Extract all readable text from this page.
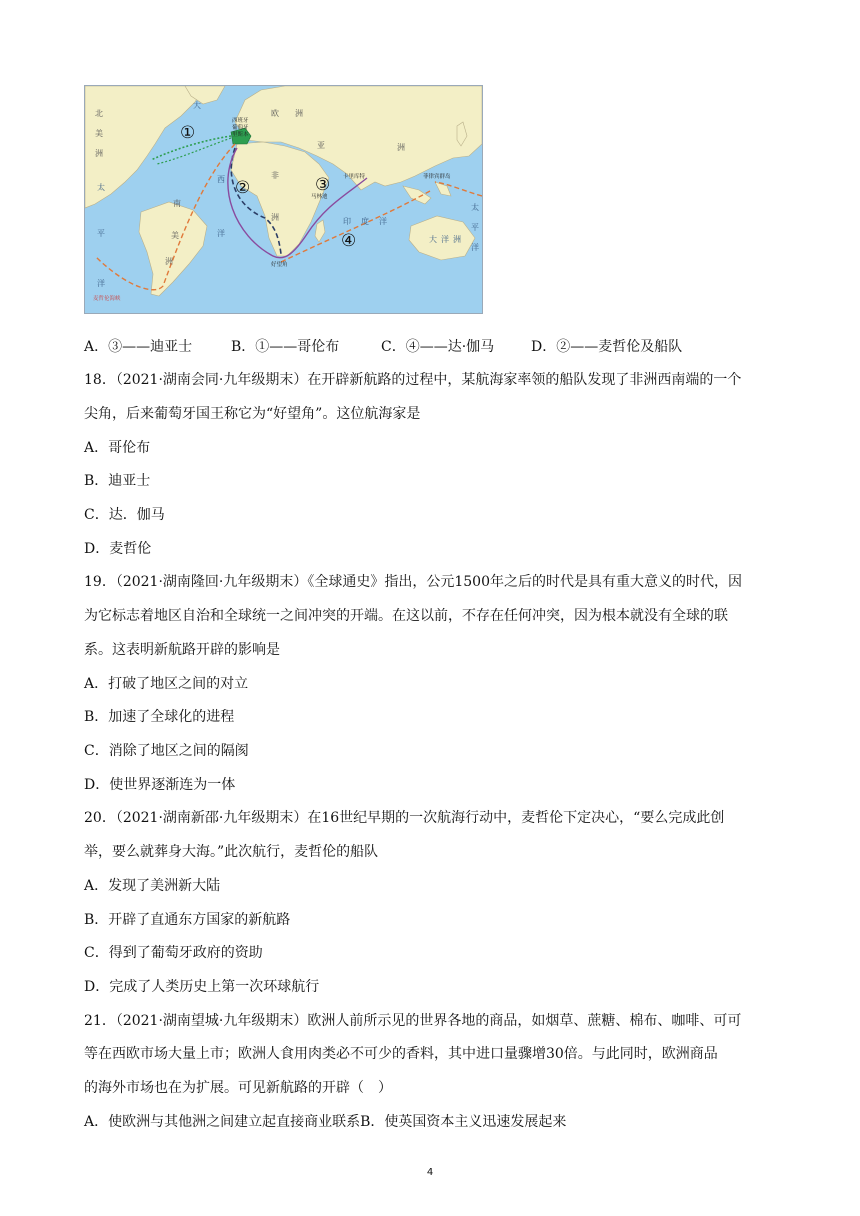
①
②	③
④
北
美
洲
南
美
洲
欧 洲
亚	洲
非
洲
太
平
洋
大
西
洋
印 度 洋
大 洋 洲
太
平
洋
西班牙
葡萄牙
里斯本
好望角
马林迪
卡里库特	菲律宾群岛
麦哲伦海峡
A．③——迪亚士	B．①——哥伦布	C．④——达·伽马	D．②——麦哲伦及船队
18．（2021·湖南会同·九年级期末）在开辟新航路的过程中，某航海家率领的船队发现了非洲西南端的一个
尖角，后来葡萄牙国王称它为“好望角”。这位航海家是
A．哥伦布
B．迪亚士
C．达．伽马
D．麦哲伦
19．（2021·湖南隆回·九年级期末）《全球通史》指出，公元1500年之后的时代是具有重大意义的时代，因
为它标志着地区自治和全球统一之间冲突的开端。在这以前，不存在任何冲突，因为根本就没有全球的联
系。这表明新航路开辟的影响是
A．打破了地区之间的对立
B．加速了全球化的进程
C．消除了地区之间的隔阂
D．使世界逐渐连为一体
20．（2021·湖南新邵·九年级期末）在16世纪早期的一次航海行动中，麦哲伦下定决心，“要么完成此创
举，要么就葬身大海。”此次航行，麦哲伦的船队
A．发现了美洲新大陆
B．开辟了直通东方国家的新航路
C．得到了葡萄牙政府的资助
D．完成了人类历史上第一次环球航行
21．（2021·湖南望城·九年级期末）欧洲人前所示见的世界各地的商品，如烟草、蔗糖、棉布、咖啡、可可
等在西欧市场大量上市；欧洲人食用肉类必不可少的香料，其中进口量骤增30倍。与此同时，欧洲商品
的海外市场也在为扩展。可见新航路的开辟（　）
A．使欧洲与其他洲之间建立起直接商业联系B．使英国资本主义迅速发展起来
4
